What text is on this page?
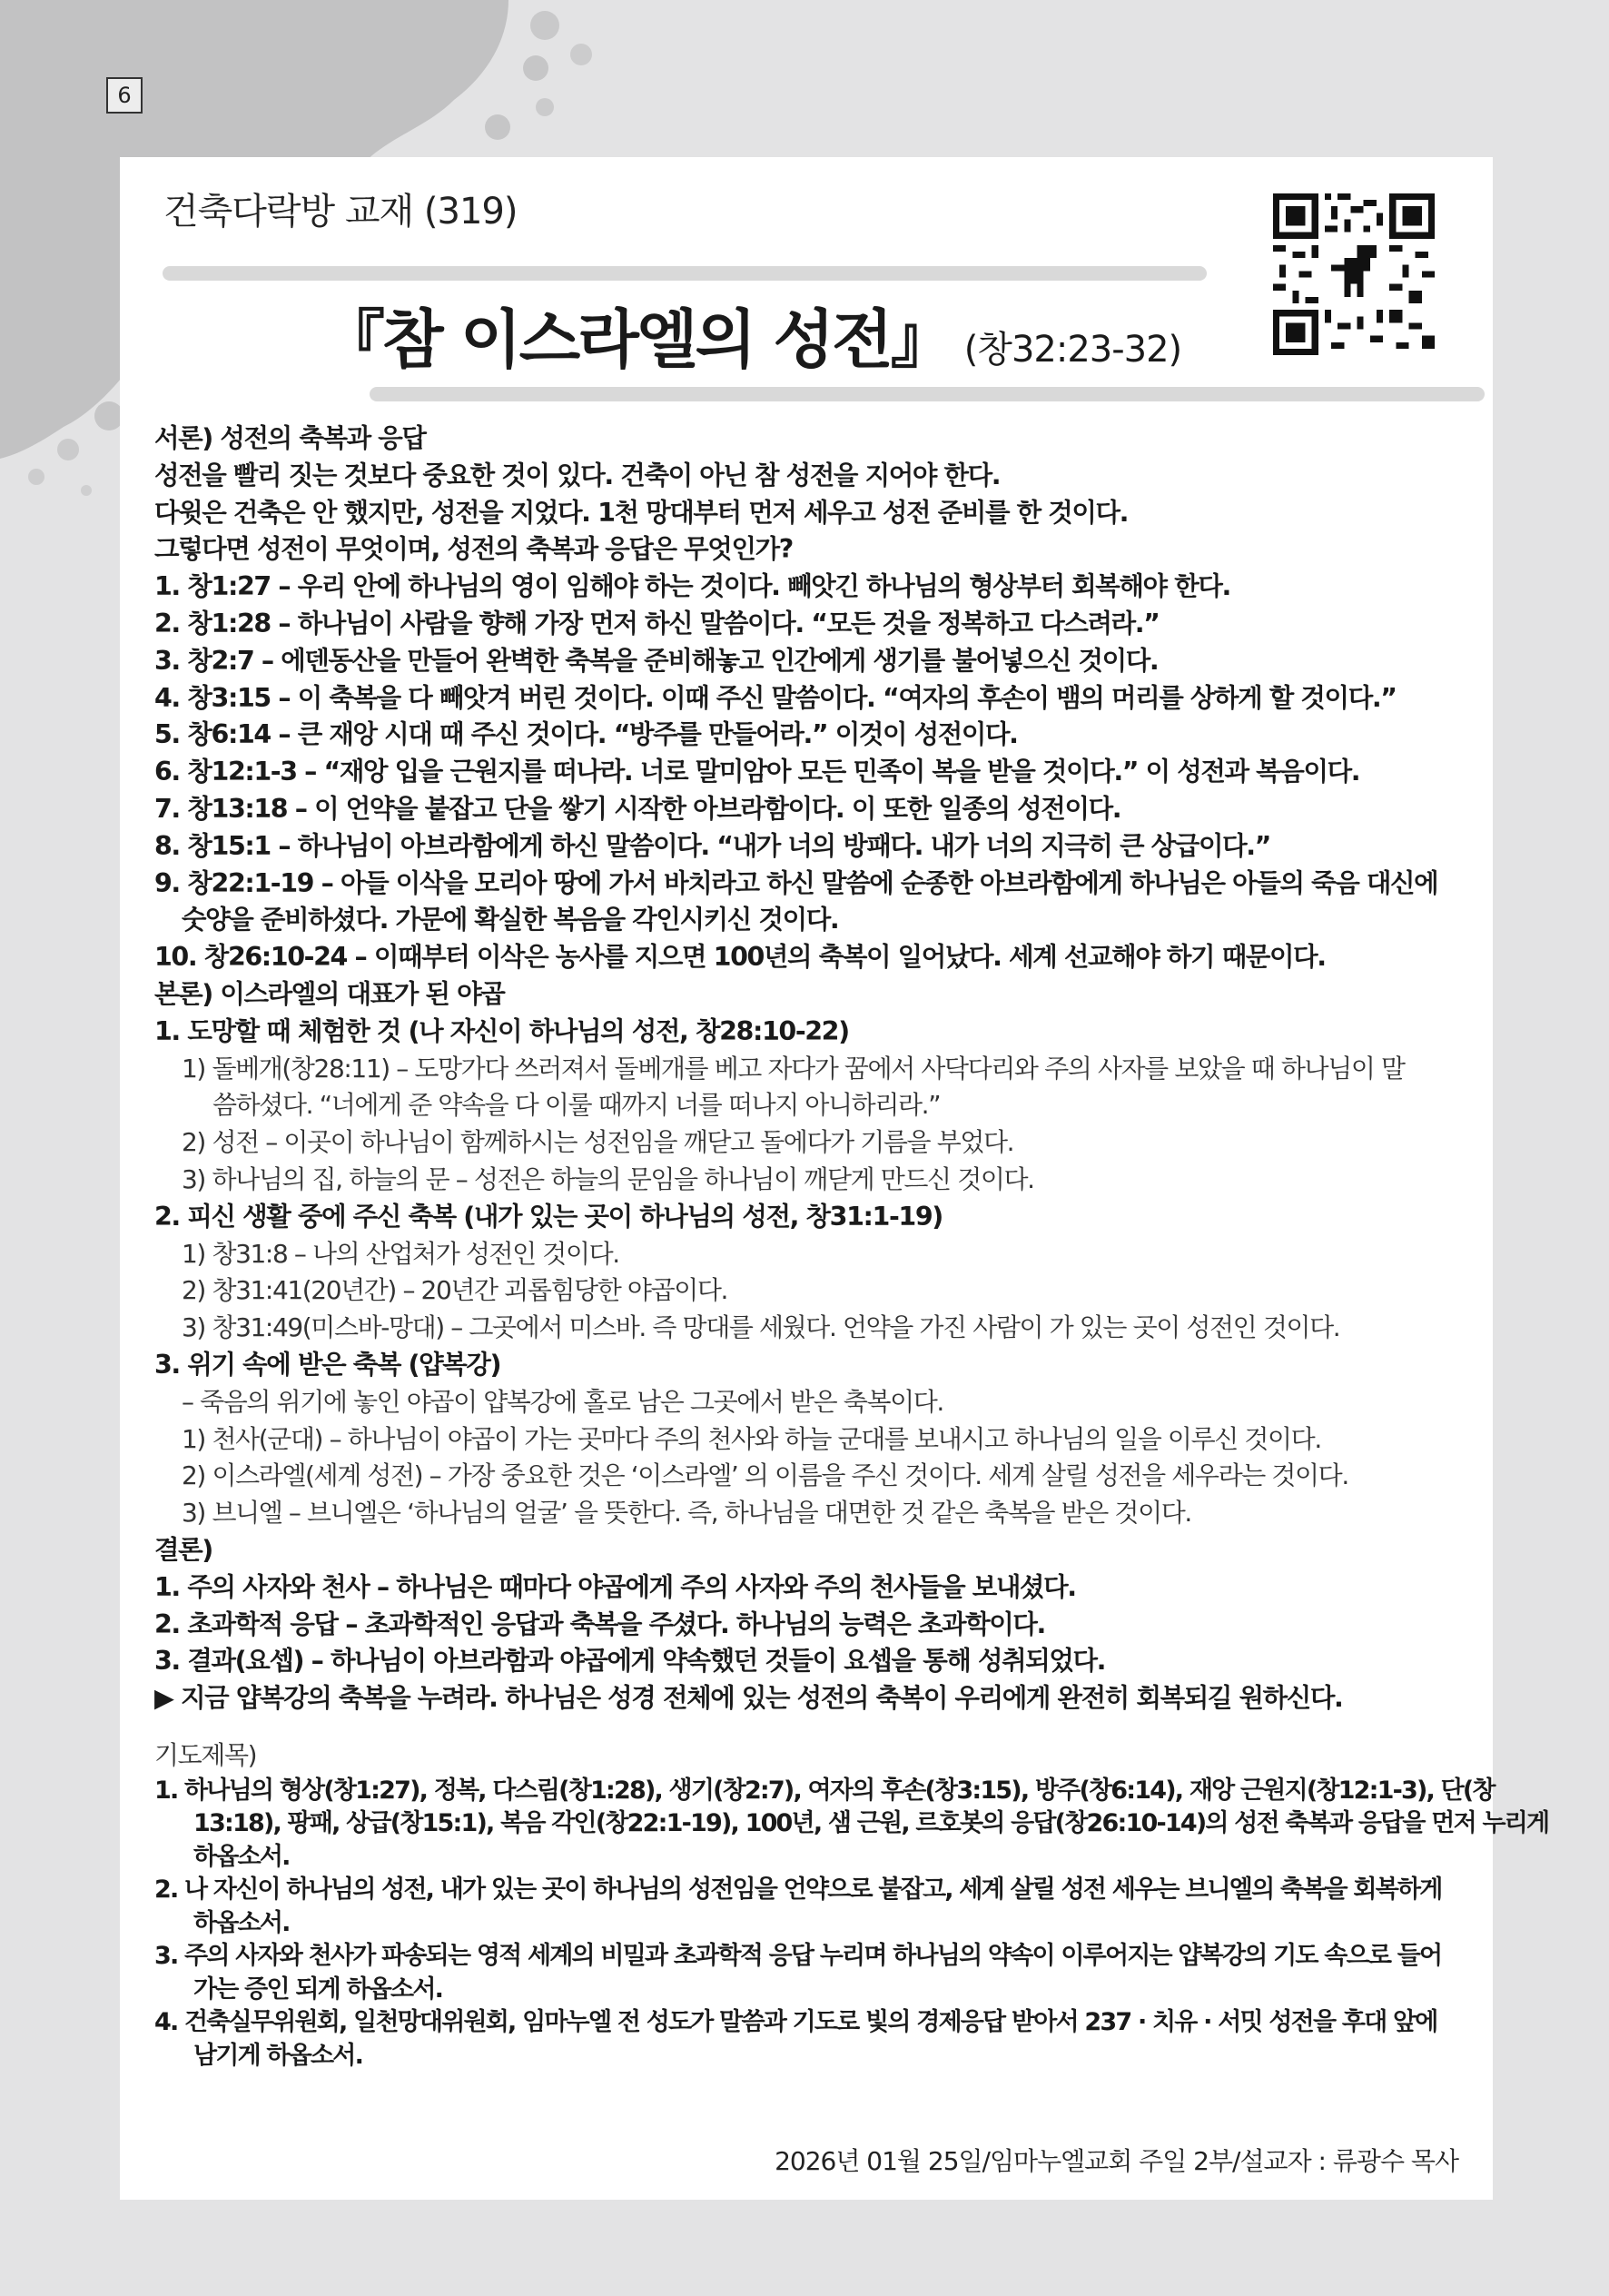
6
건축다락방 교재 (319)
『참 이스라엘의 성전』 (창32:23-32)
서론) 성전의 축복과 응답
성전을 빨리 짓는 것보다 중요한 것이 있다. 건축이 아닌 참 성전을 지어야 한다.
다윗은 건축은 안 했지만, 성전을 지었다. 1천 망대부터 먼저 세우고 성전 준비를 한 것이다.
그렇다면 성전이 무엇이며, 성전의 축복과 응답은 무엇인가?
1. 창1:27 – 우리 안에 하나님의 영이 임해야 하는 것이다. 빼앗긴 하나님의 형상부터 회복해야 한다.
2. 창1:28 – 하나님이 사람을 향해 가장 먼저 하신 말씀이다. “모든 것을 정복하고 다스려라.”
3. 창2:7 – 에덴동산을 만들어 완벽한 축복을 준비해놓고 인간에게 생기를 불어넣으신 것이다.
4. 창3:15 – 이 축복을 다 빼앗겨 버린 것이다. 이때 주신 말씀이다. “여자의 후손이 뱀의 머리를 상하게 할 것이다.”
5. 창6:14 – 큰 재앙 시대 때 주신 것이다. “방주를 만들어라.” 이것이 성전이다.
6. 창12:1-3 – “재앙 입을 근원지를 떠나라. 너로 말미암아 모든 민족이 복을 받을 것이다.” 이 성전과 복음이다.
7. 창13:18 – 이 언약을 붙잡고 단을 쌓기 시작한 아브라함이다. 이 또한 일종의 성전이다.
8. 창15:1 – 하나님이 아브라함에게 하신 말씀이다. “내가 너의 방패다. 내가 너의 지극히 큰 상급이다.”
9. 창22:1-19 – 아들 이삭을 모리아 땅에 가서 바치라고 하신 말씀에 순종한 아브라함에게 하나님은 아들의 죽음 대신에
숫양을 준비하셨다. 가문에 확실한 복음을 각인시키신 것이다.
10. 창26:10-24 – 이때부터 이삭은 농사를 지으면 100년의 축복이 일어났다. 세계 선교해야 하기 때문이다.
본론) 이스라엘의 대표가 된 야곱
1. 도망할 때 체험한 것 (나 자신이 하나님의 성전, 창28:10-22)
1) 돌베개(창28:11) – 도망가다 쓰러져서 돌베개를 베고 자다가 꿈에서 사닥다리와 주의 사자를 보았을 때 하나님이 말
씀하셨다. “너에게 준 약속을 다 이룰 때까지 너를 떠나지 아니하리라.”
2) 성전 – 이곳이 하나님이 함께하시는 성전임을 깨닫고 돌에다가 기름을 부었다.
3) 하나님의 집, 하늘의 문 – 성전은 하늘의 문임을 하나님이 깨닫게 만드신 것이다.
2. 피신 생활 중에 주신 축복 (내가 있는 곳이 하나님의 성전, 창31:1-19)
1) 창31:8 – 나의 산업처가 성전인 것이다.
2) 창31:41(20년간) – 20년간 괴롭힘당한 야곱이다.
3) 창31:49(미스바-망대) – 그곳에서 미스바. 즉 망대를 세웠다. 언약을 가진 사람이 가 있는 곳이 성전인 것이다.
3. 위기 속에 받은 축복 (얍복강)
– 죽음의 위기에 놓인 야곱이 얍복강에 홀로 남은 그곳에서 받은 축복이다.
1) 천사(군대) – 하나님이 야곱이 가는 곳마다 주의 천사와 하늘 군대를 보내시고 하나님의 일을 이루신 것이다.
2) 이스라엘(세계 성전) – 가장 중요한 것은 ‘이스라엘’ 의 이름을 주신 것이다. 세계 살릴 성전을 세우라는 것이다.
3) 브니엘 – 브니엘은 ‘하나님의 얼굴’ 을 뜻한다. 즉, 하나님을 대면한 것 같은 축복을 받은 것이다.
결론)
1. 주의 사자와 천사 – 하나님은 때마다 야곱에게 주의 사자와 주의 천사들을 보내셨다.
2. 초과학적 응답 – 초과학적인 응답과 축복을 주셨다. 하나님의 능력은 초과학이다.
3. 결과(요셉) – 하나님이 아브라함과 야곱에게 약속했던 것들이 요셉을 통해 성취되었다.
▶ 지금 얍복강의 축복을 누려라. 하나님은 성경 전체에 있는 성전의 축복이 우리에게 완전히 회복되길 원하신다.
기도제목)
1. 하나님의 형상(창1:27), 정복, 다스림(창1:28), 생기(창2:7), 여자의 후손(창3:15), 방주(창6:14), 재앙 근원지(창12:1-3), 단(창
13:18), 팡패, 상급(창15:1), 복음 각인(창22:1-19), 100년, 샘 근원, 르호봇의 응답(창26:10-14)의 성전 축복과 응답을 먼저 누리게
하옵소서.
2. 나 자신이 하나님의 성전, 내가 있는 곳이 하나님의 성전임을 언약으로 붙잡고, 세계 살릴 성전 세우는 브니엘의 축복을 회복하게
하옵소서.
3. 주의 사자와 천사가 파송되는 영적 세계의 비밀과 초과학적 응답 누리며 하나님의 약속이 이루어지는 얍복강의 기도 속으로 들어
가는 증인 되게 하옵소서.
4. 건축실무위원회, 일천망대위원회, 임마누엘 전 성도가 말씀과 기도로 빛의 경제응답 받아서 237 · 치유 · 서밋 성전을 후대 앞에
남기게 하옵소서.
2026년 01월 25일/임마누엘교회 주일 2부/설교자 : 류광수 목사
